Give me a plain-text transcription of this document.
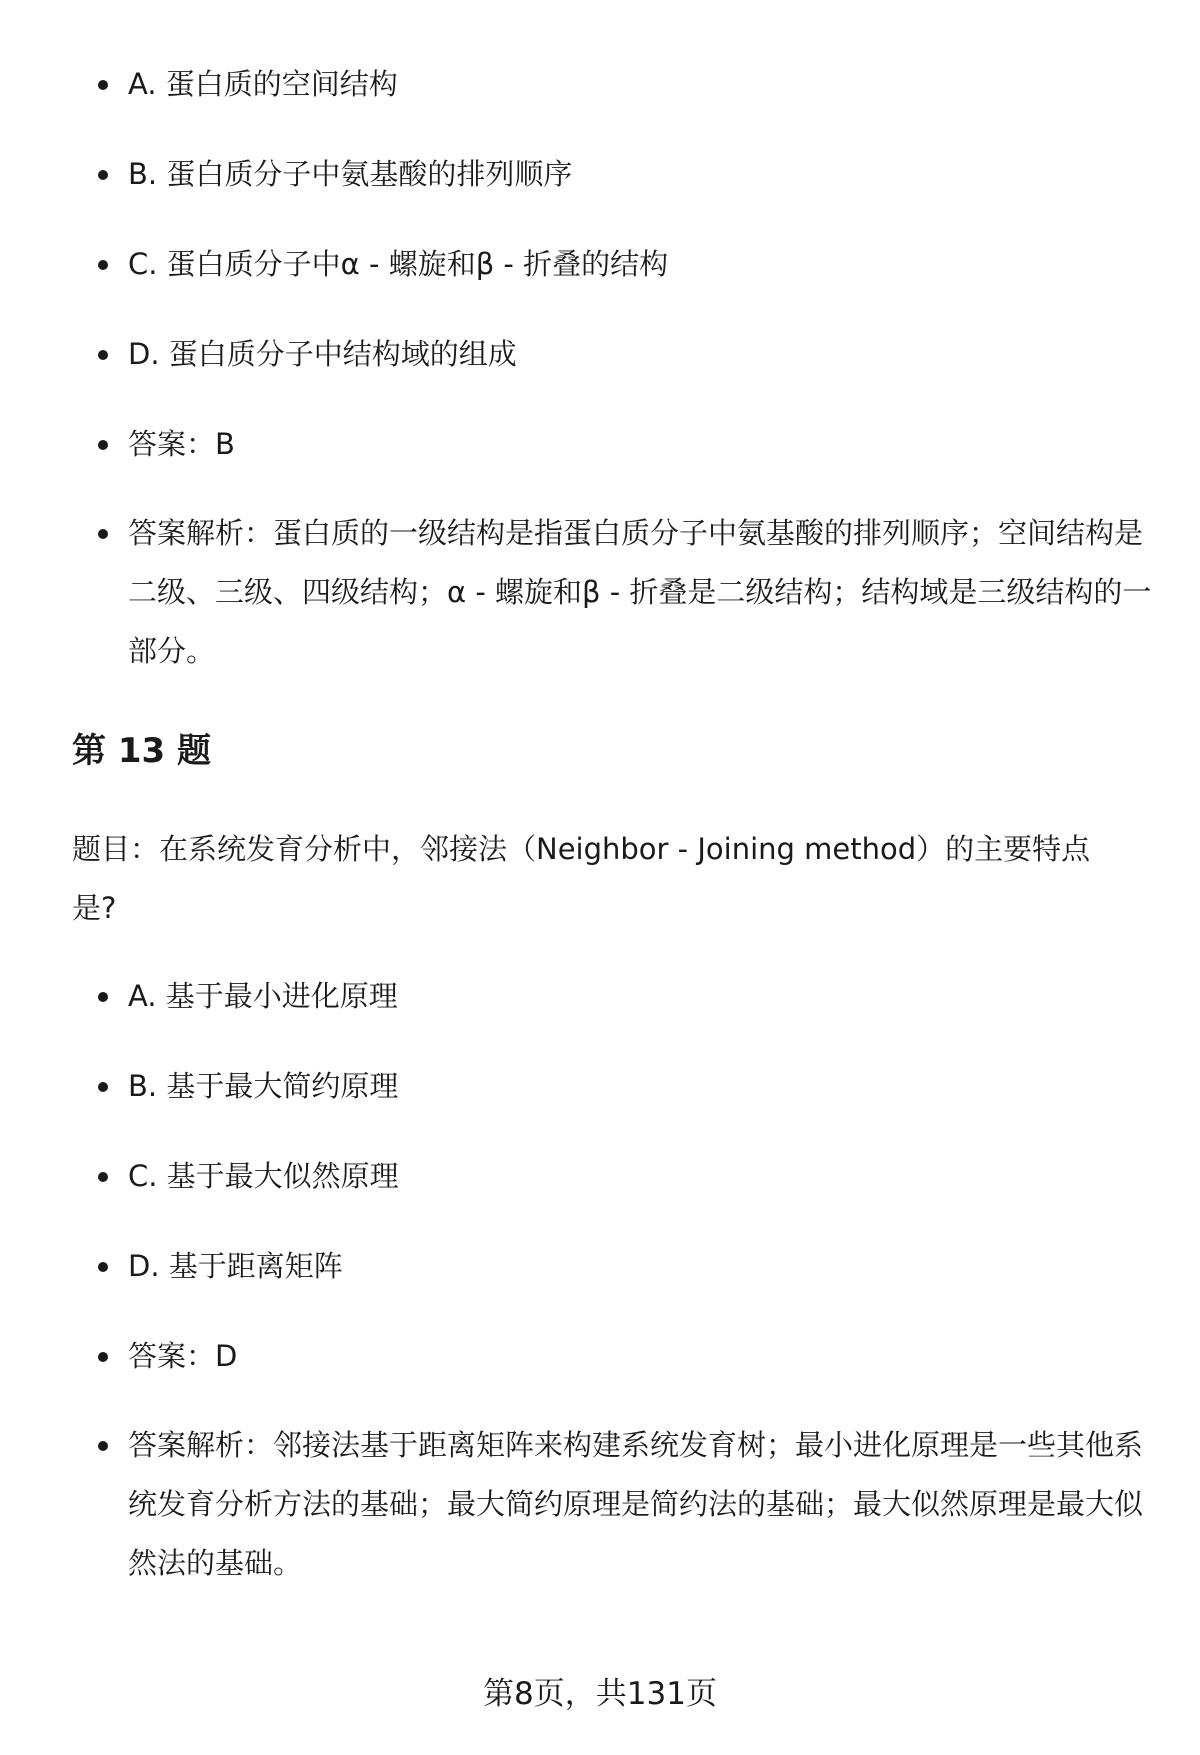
A. 蛋白质的空间结构
B. 蛋白质分子中氨基酸的排列顺序
C. 蛋白质分子中α - 螺旋和β - 折叠的结构
D. 蛋白质分子中结构域的组成
答案：B
答案解析：蛋白质的一级结构是指蛋白质分子中氨基酸的排列顺序；空间结构是二级、三级、四级结构；α - 螺旋和β - 折叠是二级结构；结构域是三级结构的一部分。
第 13 题
题目：在系统发育分析中，邻接法（Neighbor - Joining method）的主要特点是?
A. 基于最小进化原理
B. 基于最大简约原理
C. 基于最大似然原理
D. 基于距离矩阵
答案：D
答案解析：邻接法基于距离矩阵来构建系统发育树；最小进化原理是一些其他系统发育分析方法的基础；最大简约原理是简约法的基础；最大似然原理是最大似然法的基础。
第8页，共131页
